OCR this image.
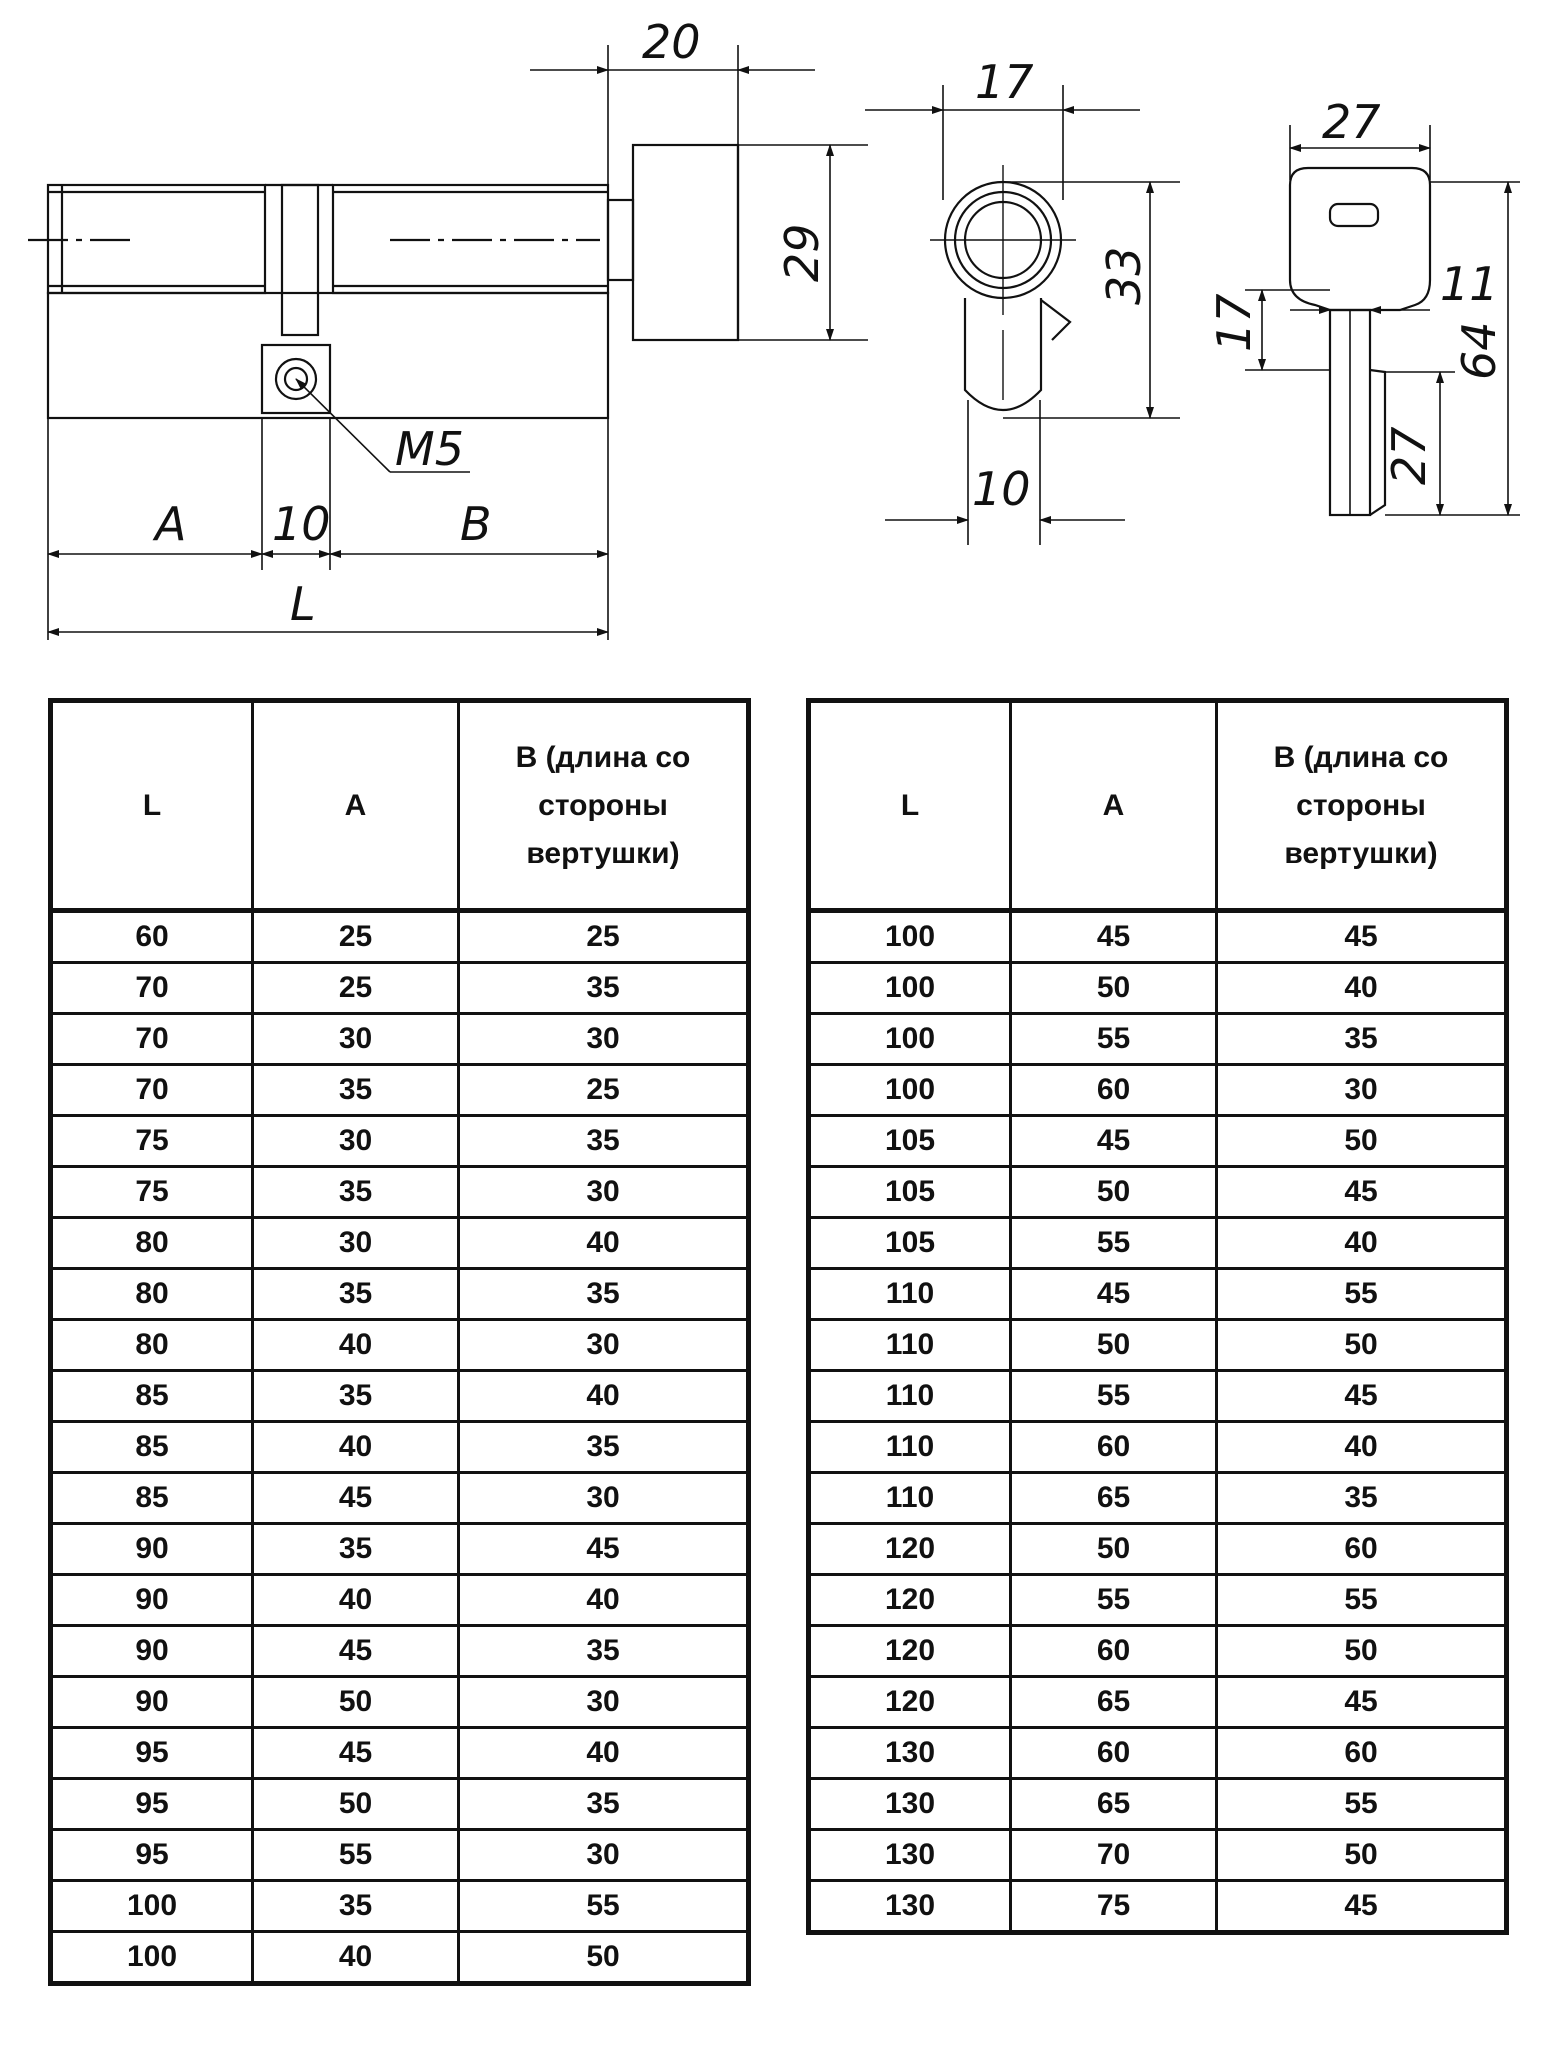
A 10	B
L
M5
20
29
17
33
10
27
17
11
64
27
L	A	B (длина со стороны вертушки)
60	25	25
70	25	35
70	30	30
70	35	25
75	30	35
75	35	30
80	30	40
80	35	35
80	40	30
85	35	40
85	40	35
85	45	30
90	35	45
90	40	40
90	45	35
90	50	30
95	45	40
95	50	35
95	55	30
100	35	55
100	40	50
L	A	B (длина со стороны вертушки)
100	45	45
100	50	40
100	55	35
100	60	30
105	45	50
105	50	45
105	55	40
110	45	55
110	50	50
110	55	45
110	60	40
110	65	35
120	50	60
120	55	55
120	60	50
120	65	45
130	60	60
130	65	55
130	70	50
130	75	45
